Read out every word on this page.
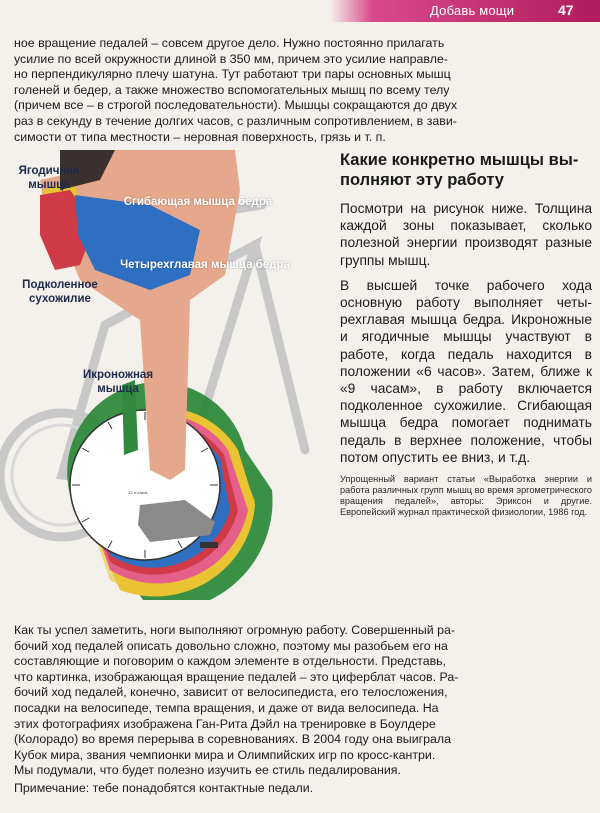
Добавь мощи	47
ное вращение педалей – совсем другое дело. Нужно постоянно прилагать
усилие по всей окружности длиной в 350 мм, причем это усилие направле-
но перпендикулярно плечу шатуна. Тут работают три пары основных мышц
голеней и бедер, а также множество вспомогательных мышц по всему телу
(причем все – в строгой последовательности). Мышцы сокращаются до двух
раз в секунду в течение долгих часов, с различным сопротивлением, в зави-
симости от типа местности – неровная поверхность, грязь и т. п.
Ягодичная мышца
Сгибающая мышца бедра
Четырехглавая мышца бедра
Подколенное сухожилие
Икроножная мышца
12 o'clock
Какие конкретно мышцы выполняют эту работу

Посмотри на рисунок ниже. Толщина каждой зоны показывает, сколько полезной энергии производят разные группы мышц.

В высшей точке рабочего хода основную работу выполняет четырехглавая мышца бедра. Икроножные и ягодичные мышцы участвуют в работе, когда педаль находится в положении «6 часов». Затем, ближе к «9 часам», в работу включается подколенное сухожилие. Сгибающая мышца бедра помогает поднимать педаль в верхнее положение, чтобы потом опустить ее вниз, и т.д.

Упрощенный вариант статьи «Выработка энергии и работа различных групп мышц во время эргометрического вращения педалей», авторы: Эриксон и другие. Европейский журнал практической физиологии, 1986 год.

Как ты успел заметить, ноги выполняют огромную работу. Совершенный ра-
бочий ход педалей описать довольно сложно, поэтому мы разобьем его на
составляющие и поговорим о каждом элементе в отдельности. Представь,
что картинка, изображающая вращение педалей – это циферблат часов. Ра-
бочий ход педалей, конечно, зависит от велосипедиста, его телосложения,
посадки на велосипеде, темпа вращения, и даже от вида велосипеда. На
этих фотографиях изображена Ган-Рита Дэйл на тренировке в Боулдере
(Колорадо) во время перерыва в соревнованиях. В 2004 году она выиграла
Кубок мира, звания чемпионки мира и Олимпийских игр по кросс-кантри.
Мы подумали, что будет полезно изучить ее стиль педалирования.
Примечание: тебе понадобятся контактные педали.
